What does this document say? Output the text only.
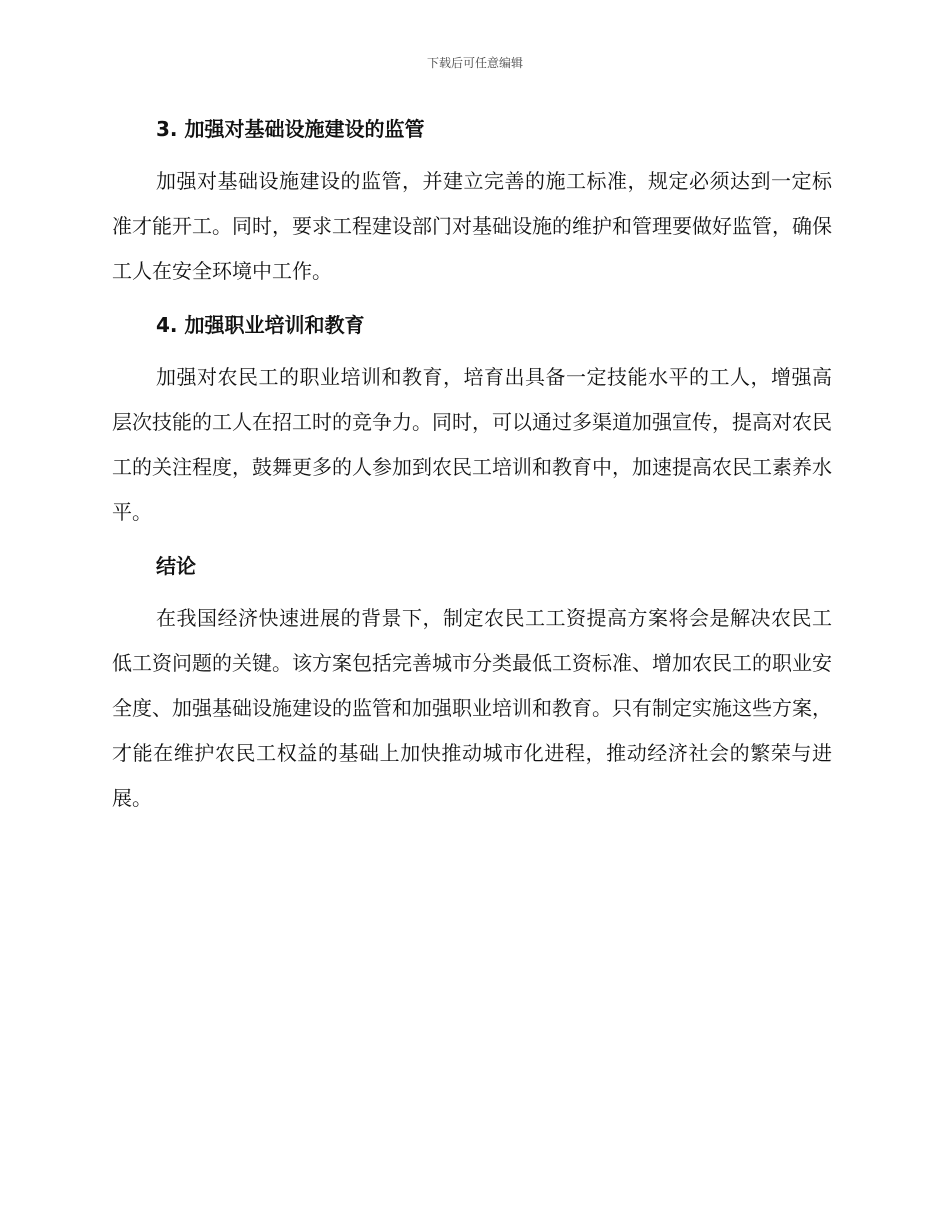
下载后可任意编辑
3. 加强对基础设施建设的监管

加强对基础设施建设的监管，并建立完善的施工标准，规定必须达到一定标准才能开工。同时，要求工程建设部门对基础设施的维护和管理要做好监管，确保工人在安全环境中工作。

4. 加强职业培训和教育

加强对农民工的职业培训和教育，培育出具备一定技能水平的工人，增强高层次技能的工人在招工时的竞争力。同时，可以通过多渠道加强宣传，提高对农民工的关注程度，鼓舞更多的人参加到农民工培训和教育中，加速提高农民工素养水平。

结论

在我国经济快速进展的背景下，制定农民工工资提高方案将会是解决农民工低工资问题的关键。该方案包括完善城市分类最低工资标准、增加农民工的职业安全度、加强基础设施建设的监管和加强职业培训和教育。只有制定实施这些方案，才能在维护农民工权益的基础上加快推动城市化进程，推动经济社会的繁荣与进展。
